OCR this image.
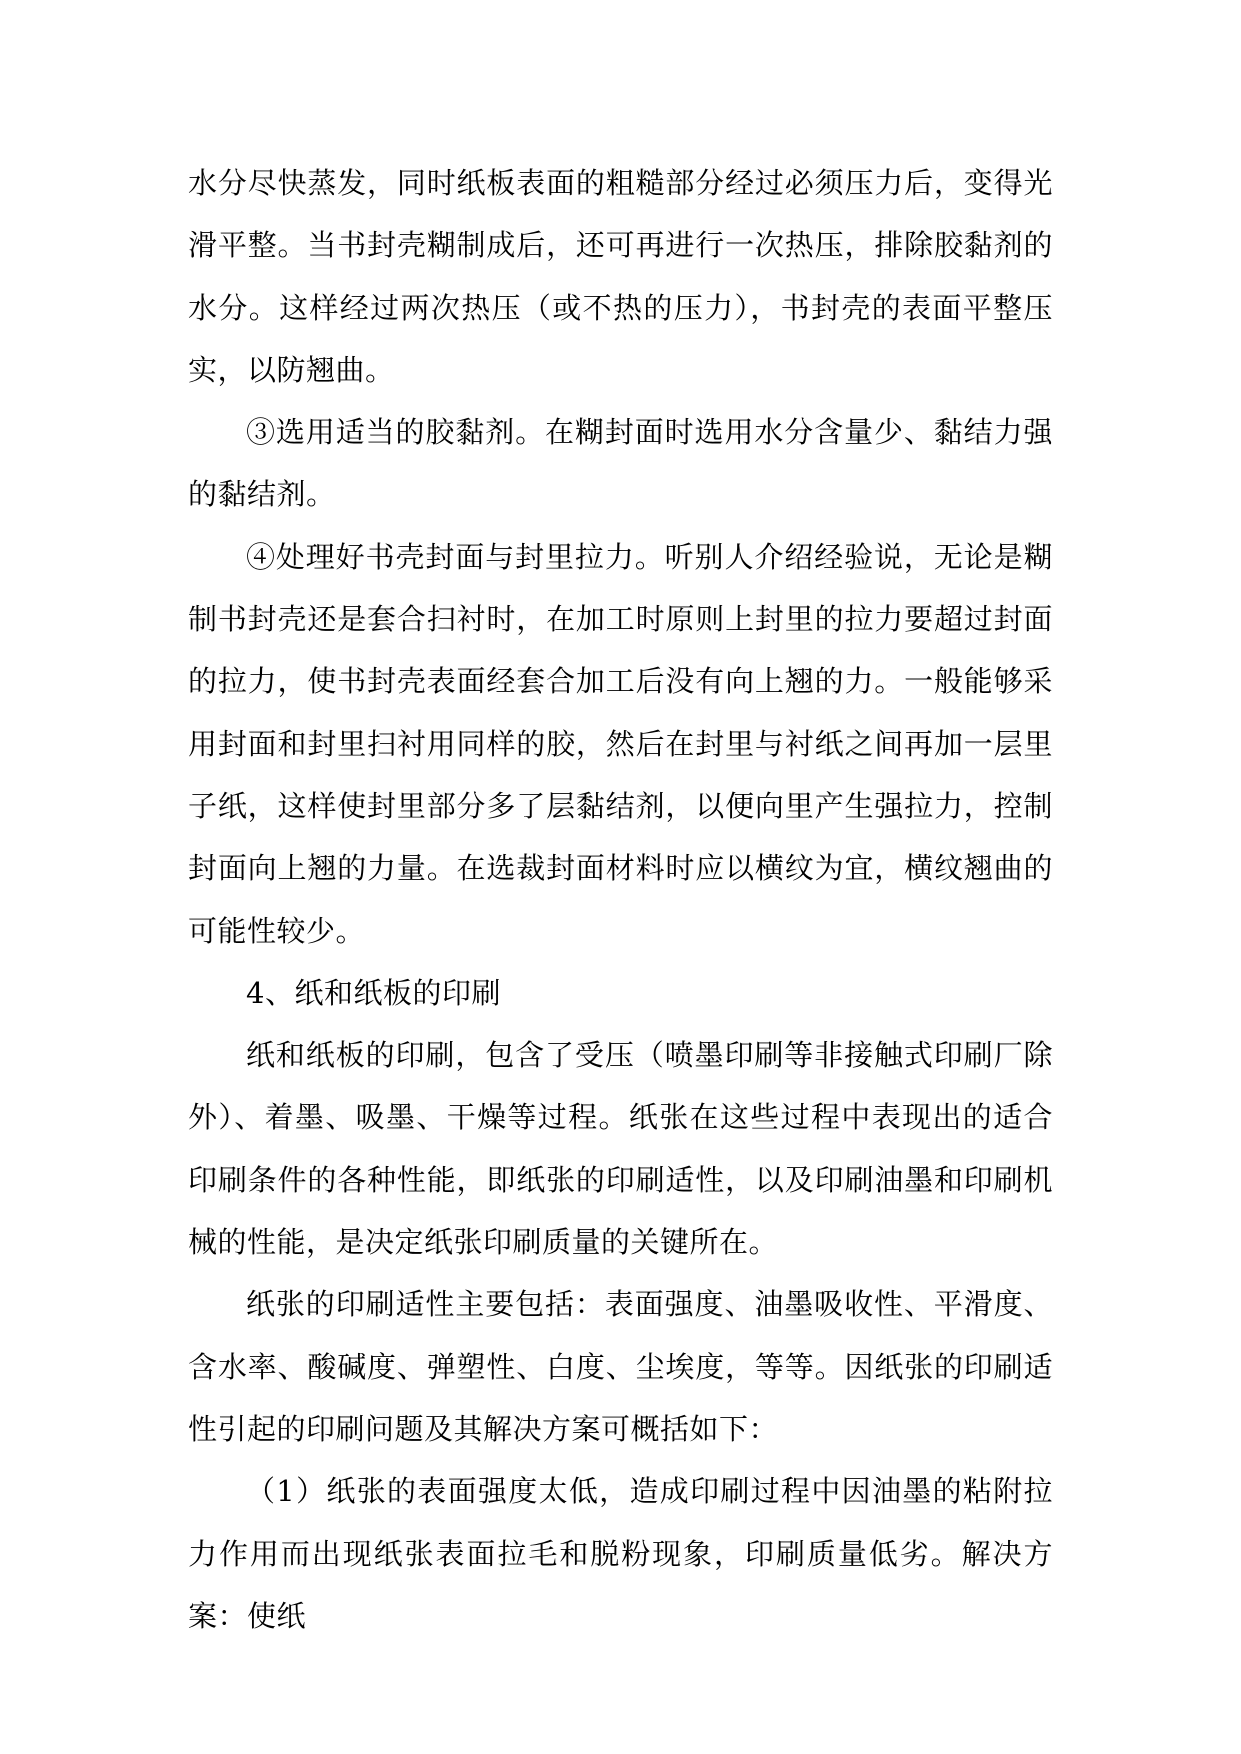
水分尽快蒸发，同时纸板表面的粗糙部分经过必须压力后，变得光滑平整。当书封壳糊制成后，还可再进行一次热压，排除胶黏剂的水分。这样经过两次热压（或不热的压力），书封壳的表面平整压实，以防翘曲。

③选用适当的胶黏剂。在糊封面时选用水分含量少、黏结力强的黏结剂。

④处理好书壳封面与封里拉力。听别人介绍经验说，无论是糊制书封壳还是套合扫衬时，在加工时原则上封里的拉力要超过封面的拉力，使书封壳表面经套合加工后没有向上翘的力。一般能够采用封面和封里扫衬用同样的胶，然后在封里与衬纸之间再加一层里子纸，这样使封里部分多了层黏结剂，以便向里产生强拉力，控制封面向上翘的力量。在选裁封面材料时应以横纹为宜，横纹翘曲的可能性较少。

4、纸和纸板的印刷

纸和纸板的印刷，包含了受压（喷墨印刷等非接触式印刷厂除外）、着墨、吸墨、干燥等过程。纸张在这些过程中表现出的适合印刷条件的各种性能，即纸张的印刷适性，以及印刷油墨和印刷机械的性能，是决定纸张印刷质量的关键所在。

纸张的印刷适性主要包括：表面强度、油墨吸收性、平滑度、含水率、酸碱度、弹塑性、白度、尘埃度，等等。因纸张的印刷适性引起的印刷问题及其解决方案可概括如下：

（1）纸张的表面强度太低，造成印刷过程中因油墨的粘附拉力作用而出现纸张表面拉毛和脱粉现象，印刷质量低劣。解决方案：使纸
